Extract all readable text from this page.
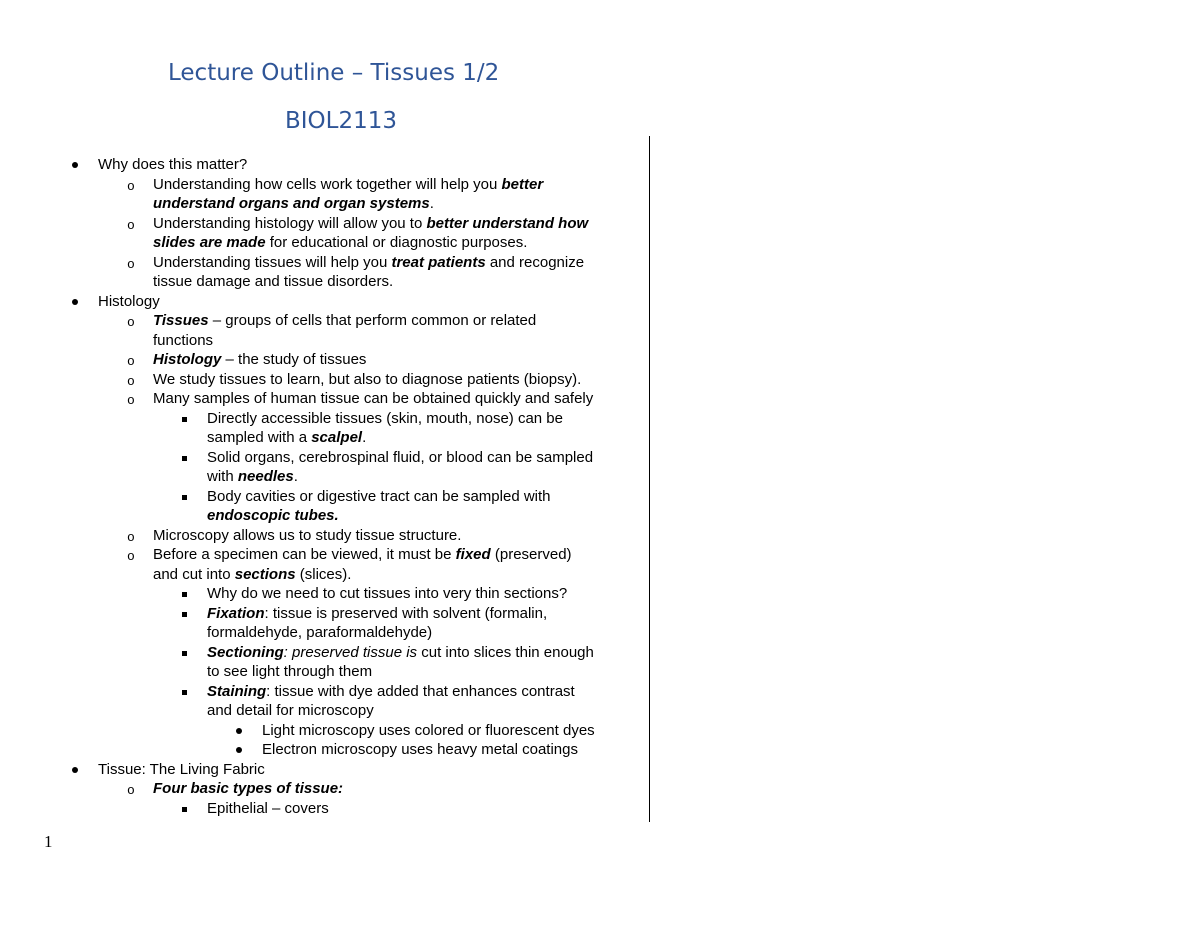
Lecture Outline – Tissues 1/2
BIOL2113
Why does this matter?
o Understanding how cells work together will help you better
understand organs and organ systems.
o Understanding histology will allow you to better understand how
slides are made for educational or diagnostic purposes.
o Understanding tissues will help you treat patients and recognize
tissue damage and tissue disorders.
Histology
o Tissues – groups of cells that perform common or related
functions
o Histology – the study of tissues
o We study tissues to learn, but also to diagnose patients (biopsy).
o Many samples of human tissue can be obtained quickly and safely
Directly accessible tissues (skin, mouth, nose) can be
sampled with a scalpel.
Solid organs, cerebrospinal fluid, or blood can be sampled
with needles.
Body cavities or digestive tract can be sampled with
endoscopic tubes.
o Microscopy allows us to study tissue structure.
o Before a specimen can be viewed, it must be fixed (preserved)
and cut into sections (slices).
Why do we need to cut tissues into very thin sections?
Fixation: tissue is preserved with solvent (formalin,
formaldehyde, paraformaldehyde)
Sectioning: preserved tissue is cut into slices thin enough
to see light through them
Staining: tissue with dye added that enhances contrast
and detail for microscopy
Light microscopy uses colored or fluorescent dyes
Electron microscopy uses heavy metal coatings
Tissue: The Living Fabric
o Four basic types of tissue:
Epithelial – covers
1
